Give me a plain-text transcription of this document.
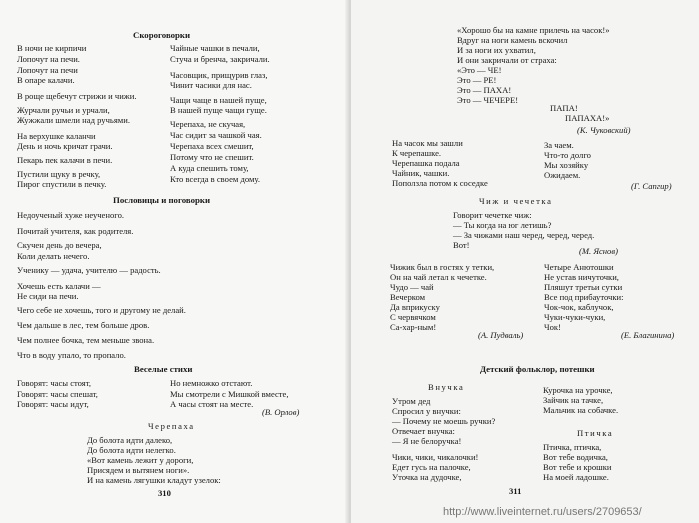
Скороговорки
В ночи не кирпичи
Лопочут на печи.
Лопочут на печи
В опаре калачи.
В роще щебечут стрижи и чижи.
Журчали ручьи и урчали,
Жужжали шмели над ручьями.
На верхушке каланчи
День и ночь кричат грачи.
Пекарь пек калачи в печи.
Пустили щуку в речку,
Пирог спустили в печку.
Чайные чашки в печали,
Стуча и бренча, закричали.
Часовщик, прищурив глаз,
Чинит часики для нас.
Чащи чаще в нашей пуще,
В нашей пуще чащи гуще.
Черепаха, не скучая,
Час сидит за чашкой чая.
Черепаха всех смешит,
Потому что не спешит.
А куда спешить тому,
Кто всегда в своем дому.
Пословицы и поговорки
Недоученый хуже неученого.
Почитай учителя, как родителя.
Скучен день до вечера,
Коли делать нечего.
Ученику — удача, учителю — радость.
Хочешь есть калачи —
Не сиди на печи.
Чего себе не хочешь, того и другому не делай.
Чем дальше в лес, тем больше дров.
Чем полнее бочка, тем меньше звона.
Что в воду упало, то пропало.
Веселые стихи
Говорят: часы стоят,
Говорят: часы спешат,
Говорят: часы идут,
Но немножко отстают.
Мы смотрели с Мишкой вместе,
А часы стоят на месте.
(В. Орлов)
Черепаха
До болота идти далеко,
До болота идти нелегко.
«Вот камень лежит у дороги,
Присядем и вытянем ноги».
И на камень лягушки кладут узелок:
310
«Хорошо бы на камне прилечь на часок!»
Вдруг на ноги камень вскочил
И за ноги их ухватил,
И они закричали от страха:
«Это — ЧЕ!
Это — РЕ!
Это — ПАХА!
Это — ЧЕЧЕРЕ!
ПАПА!
ПАПАХА!»
(К. Чуковский)
На часок мы зашли
К черепашке.
Черепашка подала
Чайник, чашки.
Поползла потом к соседке
За чаем.
Что-то долго
Мы хозяйку
Ожидаем.
(Г. Сапгир)
Чиж и чечетка
Говорит чечетке чиж:
— Ты когда на юг летишь?
— За чижами наш черед, черед, черед.
Вот!
(М. Яснов)
Чижик был в гостях у тетки,
Он на чай летал к чечетке.
Чудо — чай
Вечерком
Да вприкуску
С червячком
Са-хар-ным!
Четыре Анютошки
Не устав ничуточки,
Пляшут третьи сутки
Все под прибауточки:
Чок-чок, каблучок,
Чуки-чуки-чуки,
Чок!
(А. Пудваль)	(Е. Благинина)
Детский фольклор, потешки
Внучка
Утром дед
Спросил у внучки:
— Почему не моешь ручки?
Отвечает внучка:
— Я не белоручка!
Курочка на урочке,
Зайчик на тачке,
Мальчик на собачке.
Птичка
Птичка, птичка,
Вот тебе водичка,
Вот тебе и крошки
На моей ладошке.
Чики, чики, чикалочки!
Едет гусь на палочке,
Уточка на дудочке,
311
http://www.liveinternet.ru/users/2709653/
